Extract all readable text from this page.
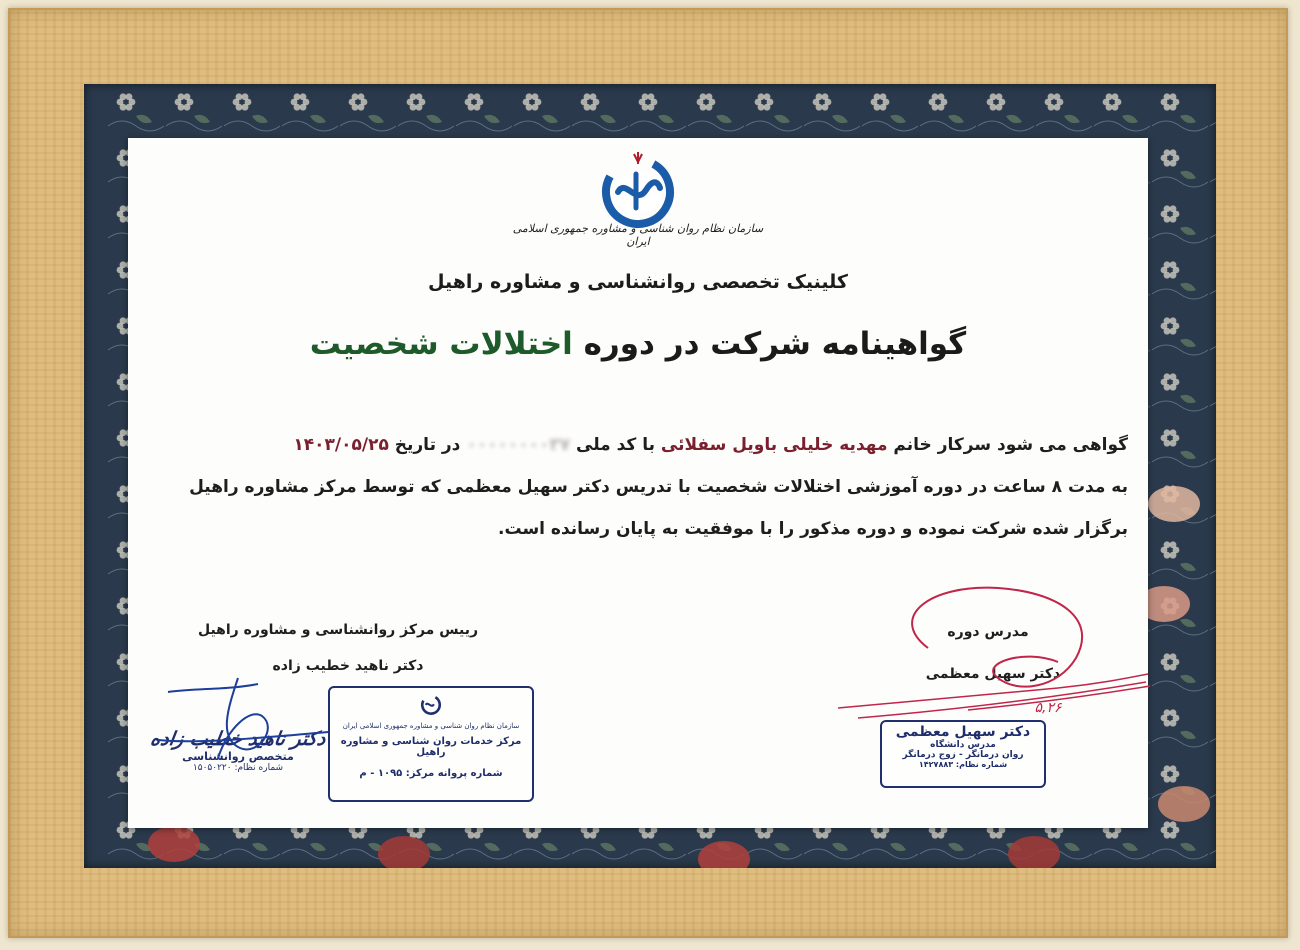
سازمان نظام روان شناسی و مشاوره جمهوری اسلامی ایران
کلینیک تخصصی روانشناسی و مشاوره راهیل
گواهینامه شرکت در دوره اختلالات شخصیت
گواهی می شود سرکار خانم مهدیه خلیلی باویل سفلائی با کد ملی ۰۰۰۰۰۰۰۰۳۷ در تاریخ ۱۴۰۳/۰۵/۲۵
به مدت ۸ ساعت در دوره آموزشی اختلالات شخصیت با تدریس دکتر سهیل معظمی که توسط مرکز مشاوره راهیل
برگزار شده شرکت نموده و دوره مذکور را با موفقیت به پایان رسانده است.
رییس مرکز روانشناسی و مشاوره راهیل
دکتر ناهید خطیب زاده
مدرس دوره
دکتر سهیل معظمی
دکتر ناهید خطیب زاده
متخصص روانشناسی
شماره نظام: ۱۵۰۵۰۲۲۰
سازمان نظام روان شناسی و مشاوره جمهوری اسلامی ایران
مرکز خدمات روان شناسی و مشاوره راهیل
شماره پروانه مرکز: ۱۰۹۵ - م
دکتر سهیل معظمی
مدرس دانشگاه
روان درمانگر - زوج درمانگر
شماره نظام: ۱۴۲۷۸۸۳
۵,۲۶
